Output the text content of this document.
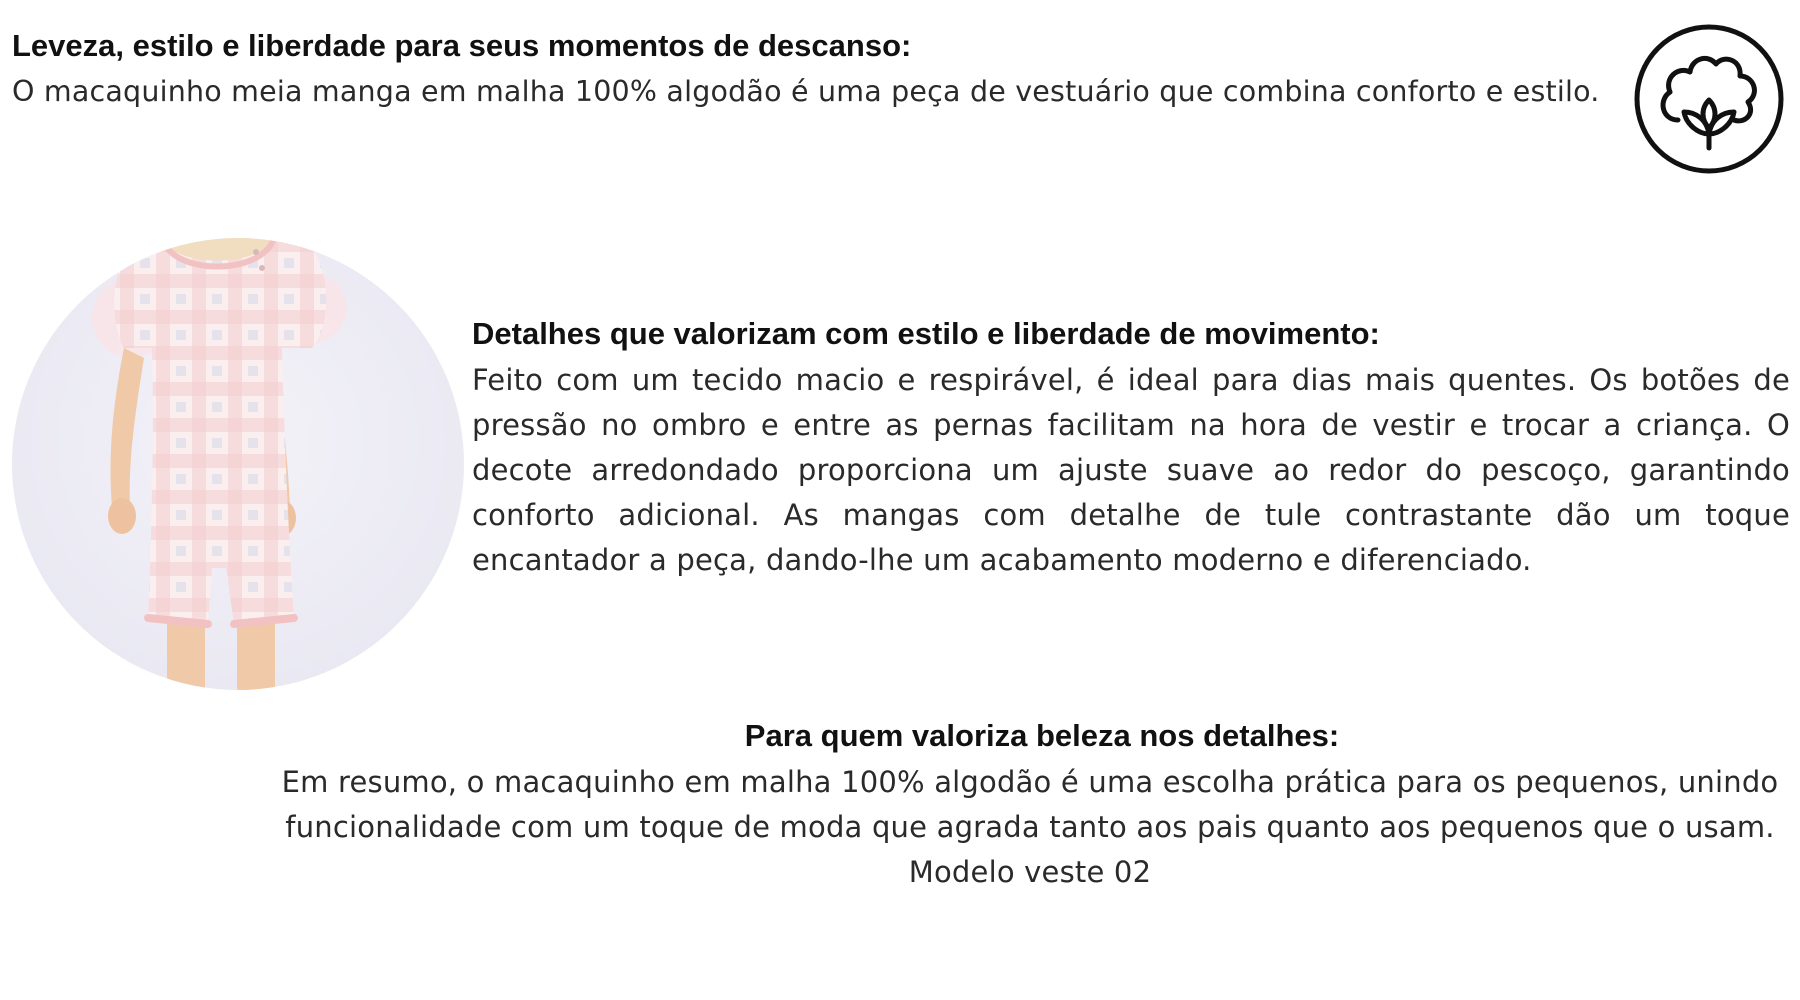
Leveza, estilo e liberdade para seus momentos de descanso:

O macaquinho meia manga em malha 100% algodão é uma peça de vestuário que combina conforto e estilo.

Detalhes que valorizam com estilo e liberdade de movimento:

Feito com um tecido macio e respirável, é ideal para dias mais quentes. Os botões de pressão no ombro e entre as pernas facilitam na hora de vestir e trocar a criança. O decote arredondado proporciona um ajuste suave ao redor do pescoço, garantindo conforto adicional. As mangas com detalhe de tule contrastante dão um toque encantador a peça, dando-lhe um acabamento moderno e diferenciado.

Para quem valoriza beleza nos detalhes:

Em resumo, o macaquinho em malha 100% algodão é uma escolha prática para os pequenos, unindo funcionalidade com um toque de moda que agrada tanto aos pais quanto aos pequenos que o usam.

Modelo veste 02
